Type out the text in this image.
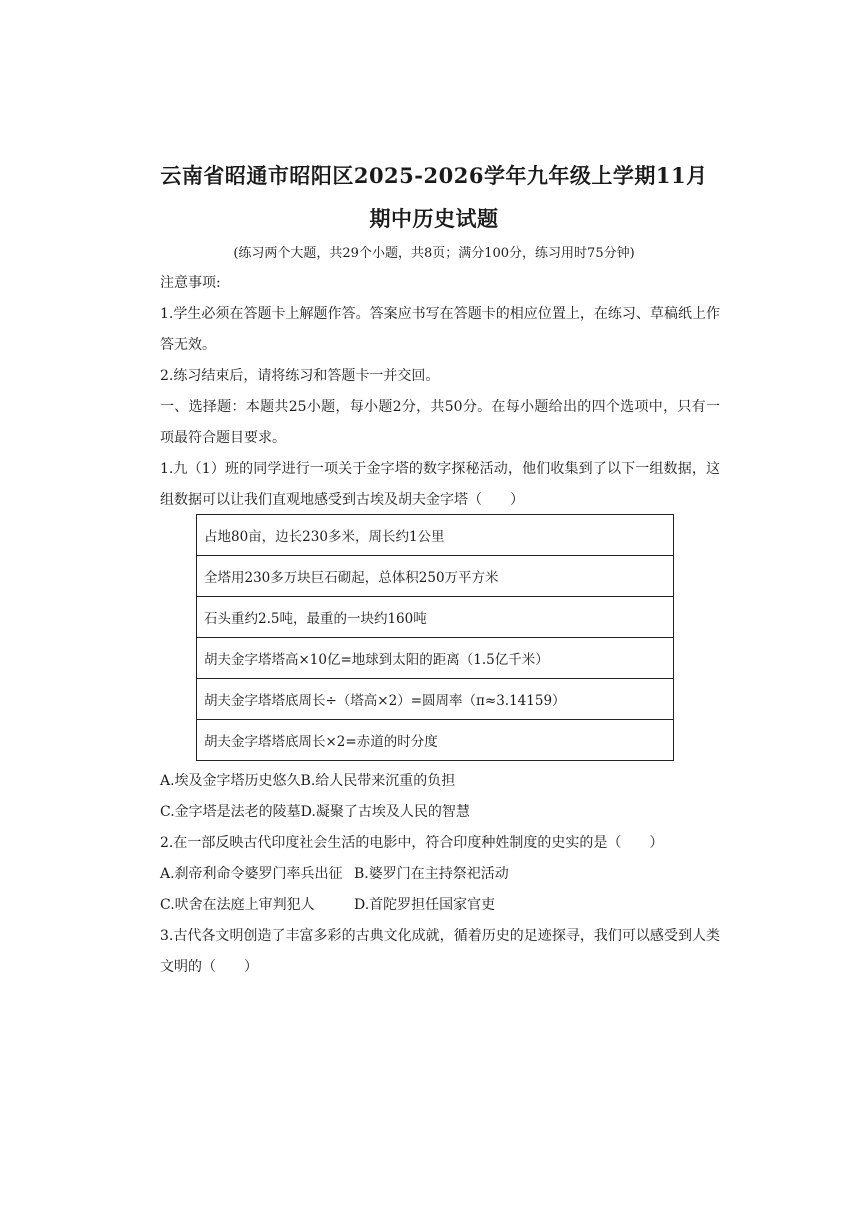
云南省昭通市昭阳区2025-2026学年九年级上学期11月
期中历史试题
(练习两个大题，共29个小题，共8页；满分100分，练习用时75分钟)
注意事项:
1.学生必须在答题卡上解题作答。答案应书写在答题卡的相应位置上，在练习、草稿纸上作
答无效。
2.练习结束后，请将练习和答题卡一并交回。
一、选择题：本题共25小题，每小题2分，共50分。在每小题给出的四个选项中，只有一
项最符合题目要求。
1.九（1）班的同学进行一项关于金字塔的数字探秘活动，他们收集到了以下一组数据，这
组数据可以让我们直观地感受到古埃及胡夫金字塔（　　）
占地80亩，边长230多米，周长约1公里
全塔用230多万块巨石砌起，总体积250万平方米
石头重约2.5吨，最重的一块约160吨
胡夫金字塔塔高×10亿=地球到太阳的距离（1.5亿千米）
胡夫金字塔塔底周长÷（塔高×2）=圆周率（π≈3.14159）
胡夫金字塔塔底周长×2=赤道的时分度
A.埃及金字塔历史悠久B.给人民带来沉重的负担
C.金字塔是法老的陵墓D.凝聚了古埃及人民的智慧
2.在一部反映古代印度社会生活的电影中，符合印度种姓制度的史实的是（　　）
A.刹帝利命令婆罗门率兵出征 B.婆罗门在主持祭祀活动
C.吠舍在法庭上审判犯人	D.首陀罗担任国家官吏
3.古代各文明创造了丰富多彩的古典文化成就，循着历史的足迹探寻，我们可以感受到人类
文明的（　　）
